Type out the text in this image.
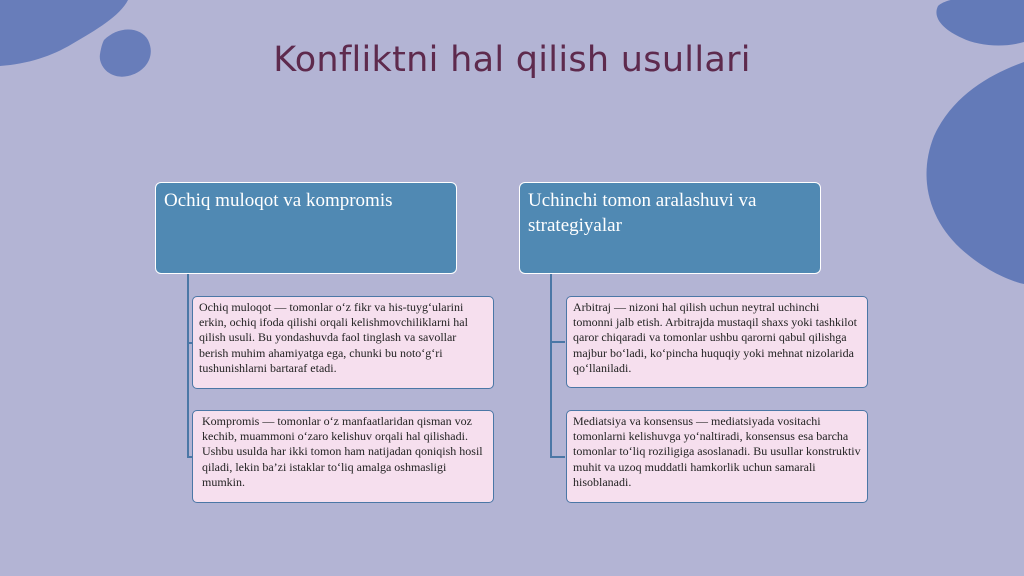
Konfliktni hal qilish usullari
Ochiq muloqot va kompromis
Ochiq muloqot — tomonlar o‘z fikr va his-tuyg‘ularini erkin, ochiq ifoda qilishi orqali kelishmovchiliklarni hal qilish usuli. Bu yondashuvda faol tinglash va savollar berish muhim ahamiyatga ega, chunki bu noto‘g‘ri tushunishlarni bartaraf etadi.
Kompromis — tomonlar o‘z manfaatlaridan qisman voz kechib, muammoni o‘zaro kelishuv orqali hal qilishadi. Ushbu usulda har ikki tomon ham natijadan qoniqish hosil qiladi, lekin ba’zi istaklar to‘liq amalga oshmasligi mumkin.
Uchinchi tomon aralashuvi va strategiyalar
Arbitraj — nizoni hal qilish uchun neytral uchinchi tomonni jalb etish. Arbitrajda mustaqil shaxs yoki tashkilot qaror chiqaradi va tomonlar ushbu qarorni qabul qilishga majbur bo‘ladi, ko‘pincha huquqiy yoki mehnat nizolarida qo‘llaniladi.
Mediatsiya va konsensus — mediatsiyada vositachi tomonlarni kelishuvga yo‘naltiradi, konsensus esa barcha tomonlar to‘liq roziligiga asoslanadi. Bu usullar konstruktiv muhit va uzoq muddatli hamkorlik uchun samarali hisoblanadi.
